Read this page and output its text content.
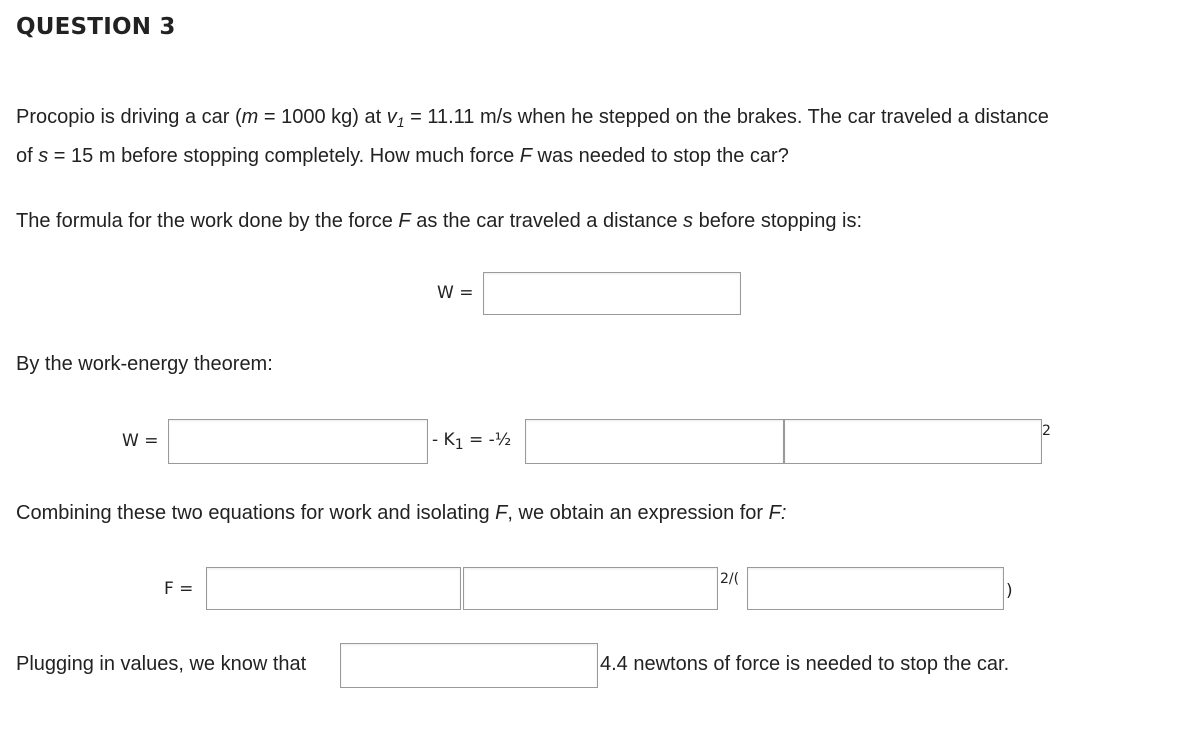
QUESTION 3
Procopio is driving a car (m = 1000 kg) at $v_1 = 11.11$ m/s when he stepped on the brakes. The car traveled a distance
of s = 15 m before stopping completely. How much force F was needed to stop the car?
The formula for the work done by the force F as the car traveled a distance s before stopping is:
W =
By the work-energy theorem:
W =	- $K_1$ = -½	2
Combining these two equations for work and isolating F, we obtain an expression for F:
F =	2/(
)
Plugging in values, we know that	4.4 newtons of force is needed to stop the car.
